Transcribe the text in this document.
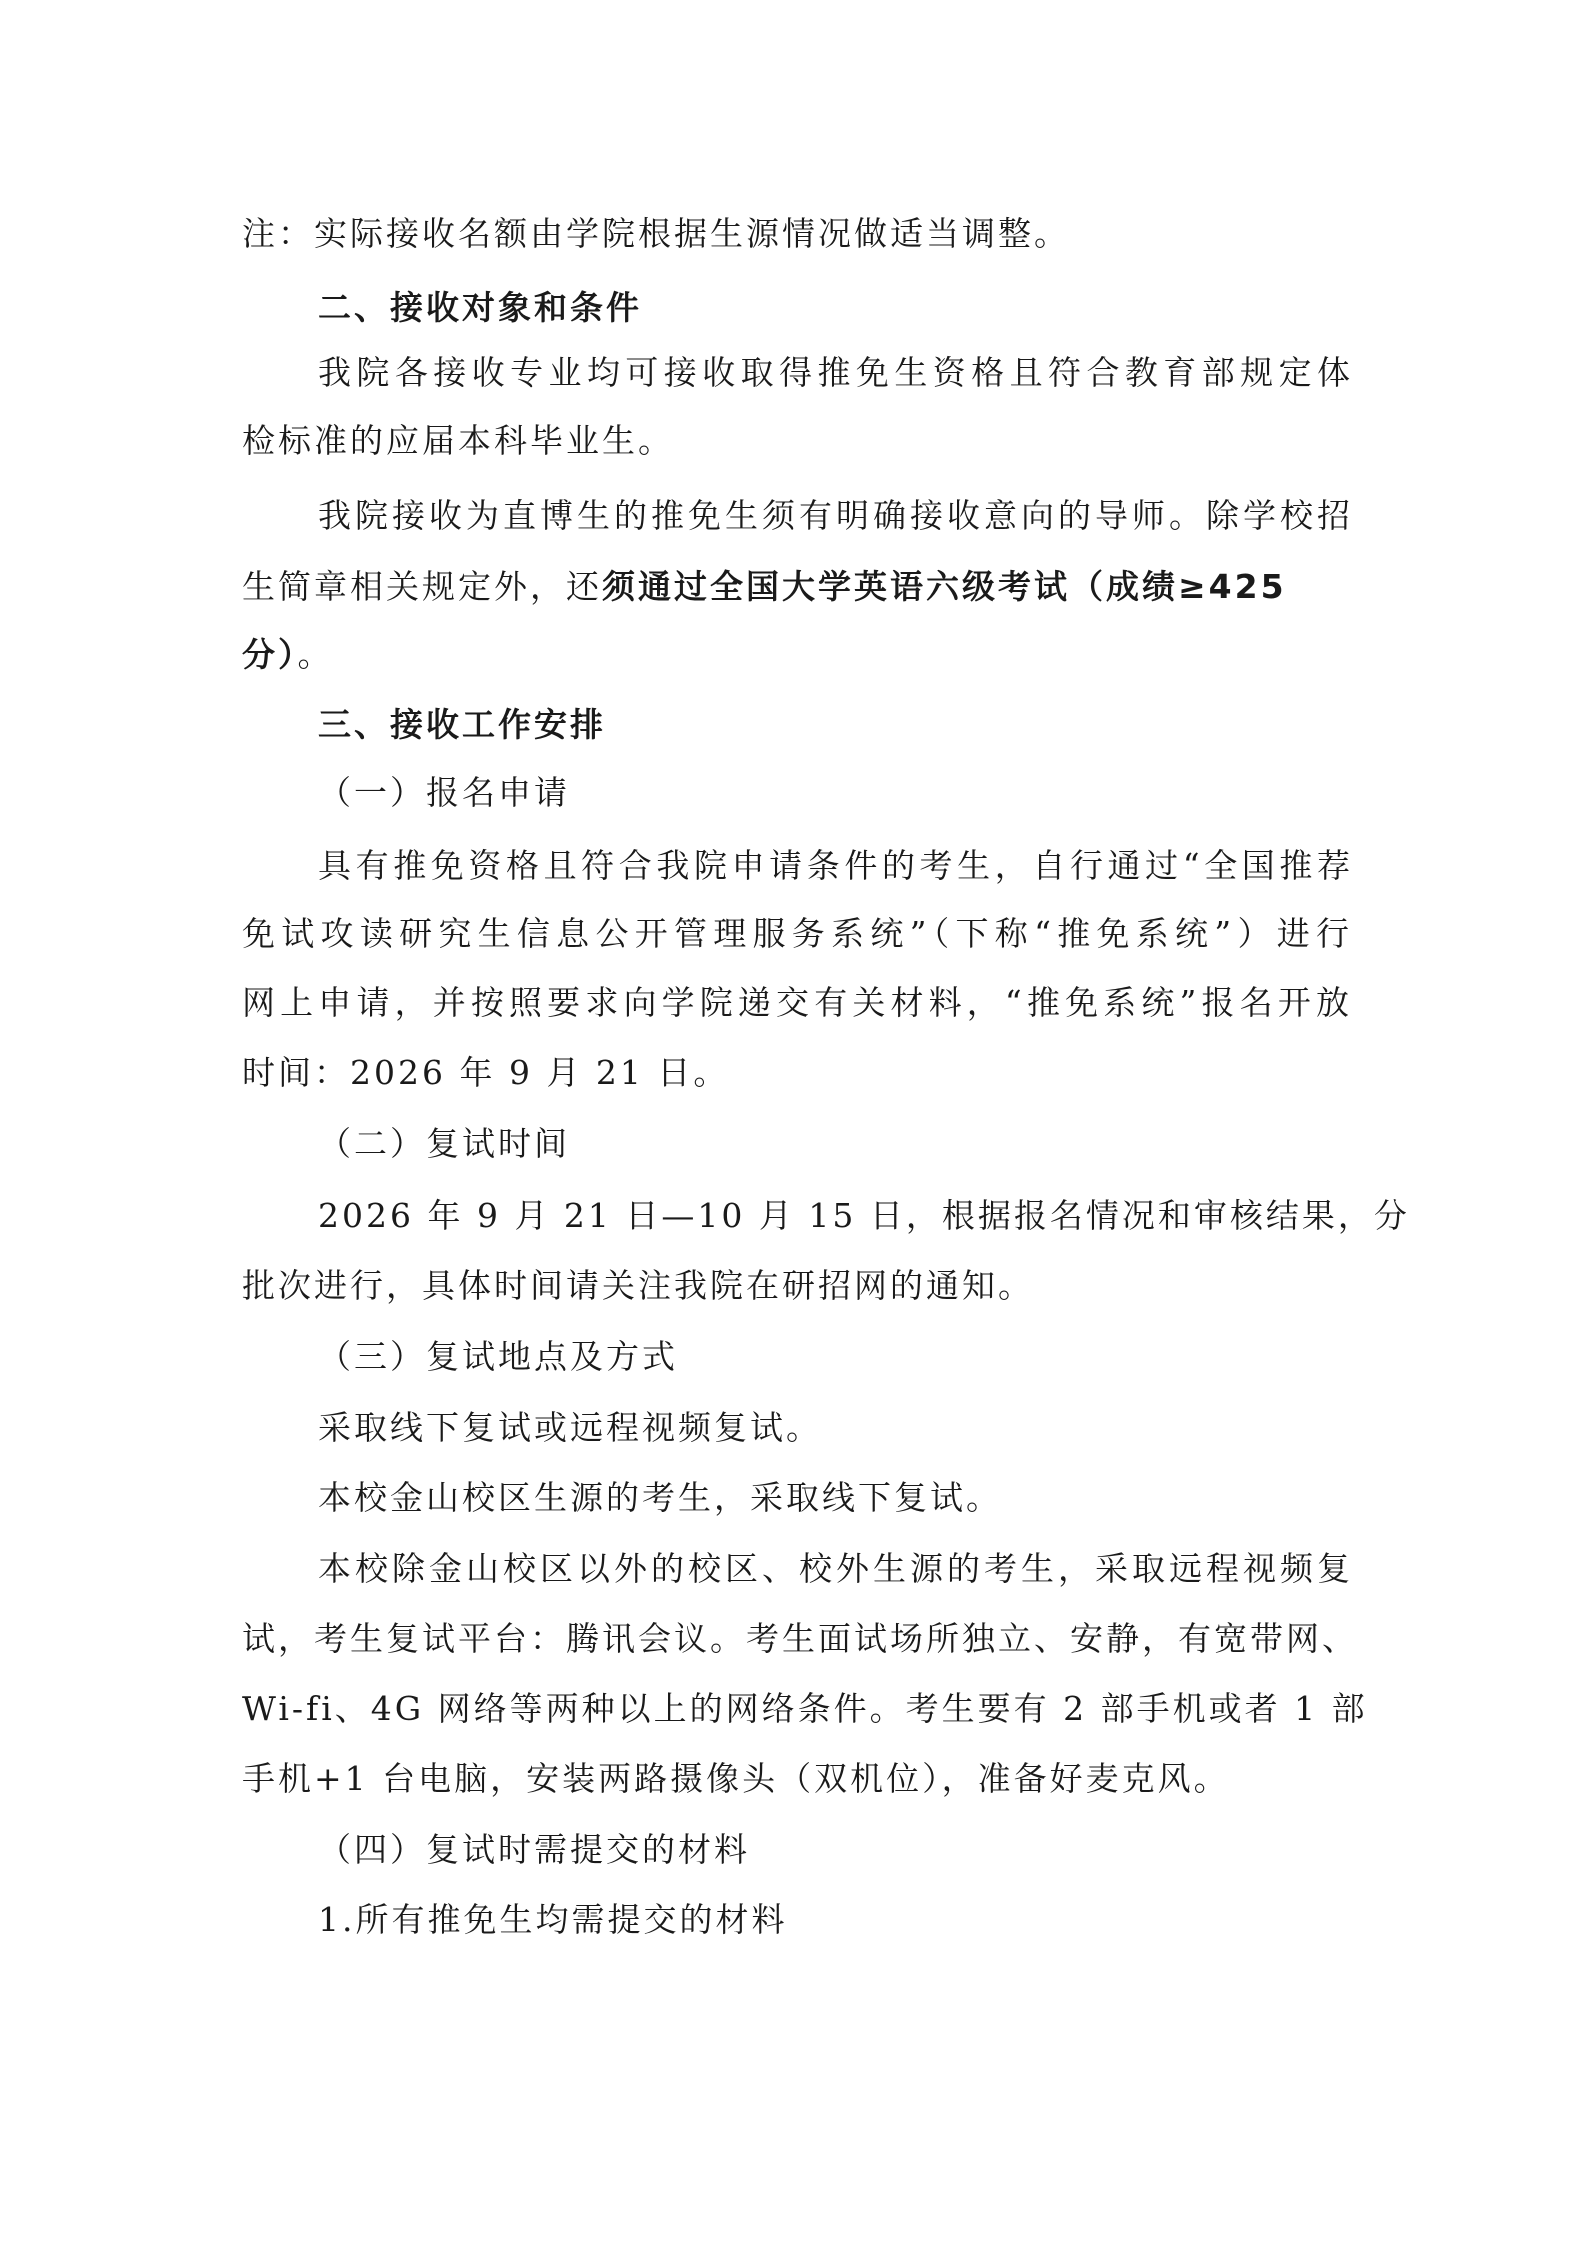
注：实际接收名额由学院根据生源情况做适当调整。
二、接收对象和条件
我院各接收专业均可接收取得推免生资格且符合教育部规定体
检标准的应届本科毕业生。
我院接收为直博生的推免生须有明确接收意向的导师。除学校招
生简章相关规定外，还须通过全国大学英语六级考试（成绩≥425
分）。
三、接收工作安排
（一）报名申请
具有推免资格且符合我院申请条件的考生，自行通过“全国推荐
免试攻读研究生信息公开管理服务系统”（下称“推免系统”）进行
网上申请，并按照要求向学院递交有关材料，“推免系统”报名开放
时间：2026 年 9 月 21 日。
（二）复试时间
2026 年 9 月 21 日—10 月 15 日，根据报名情况和审核结果，分
批次进行，具体时间请关注我院在研招网的通知。
（三）复试地点及方式
采取线下复试或远程视频复试。
本校金山校区生源的考生，采取线下复试。
本校除金山校区以外的校区、校外生源的考生，采取远程视频复
试，考生复试平台：腾讯会议。考生面试场所独立、安静，有宽带网、
Wi-fi、4G 网络等两种以上的网络条件。考生要有 2 部手机或者 1 部
手机+1 台电脑，安装两路摄像头（双机位），准备好麦克风。
（四）复试时需提交的材料
1.所有推免生均需提交的材料
